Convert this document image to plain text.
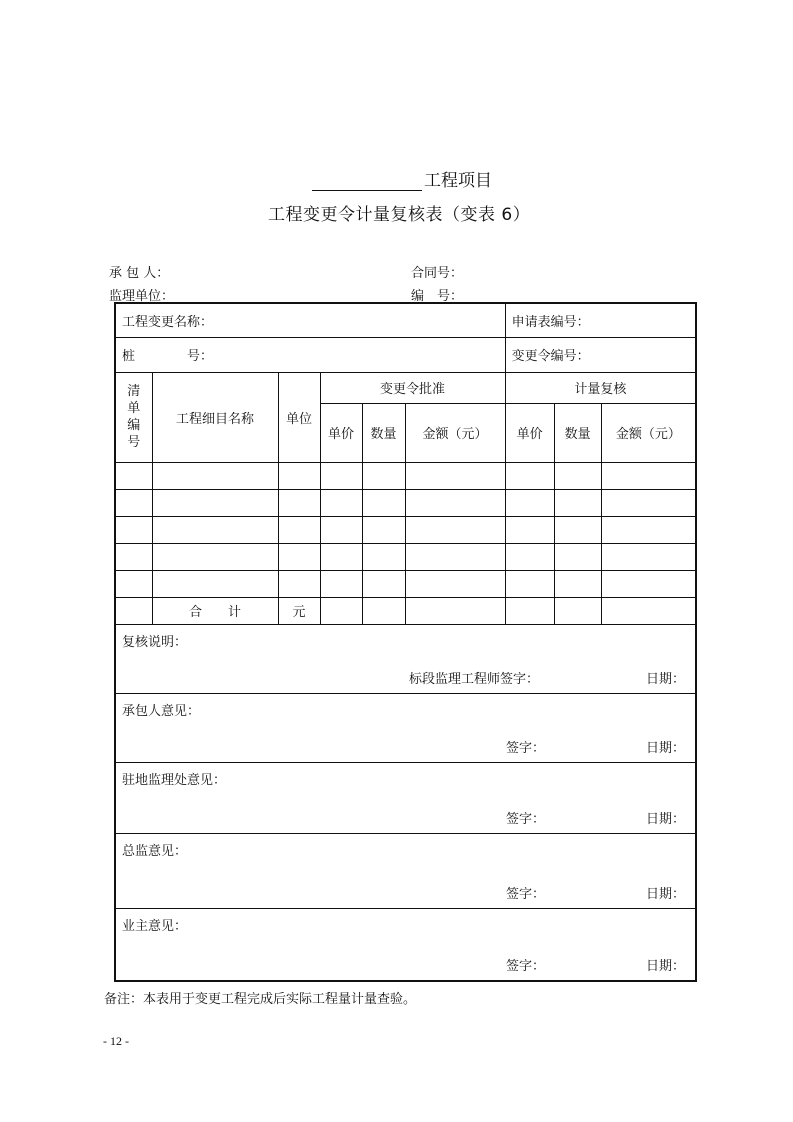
工程项目
工程变更令计量复核表（变表 6）
承 包 人：	合同号：
监理单位：	编　号：
工程变更名称：						申请表编号：		
桩　　　　号：						变更令编号：		

清
单
编
号	工程细目名称	单位	变更令批准			计量复核		
			单价	数量	金额（元）	单价	数量	金额（元）

	合　　计	元						

复核说明：
标段监理工程师签字： 日期：								

承包人意见：
签字： 日期：								

驻地监理处意见：
签字： 日期：								

总监意见：
签字： 日期：								

业主意见：
签字： 日期：								
备注：本表用于变更工程完成后实际工程量计量查验。
- 12 -
